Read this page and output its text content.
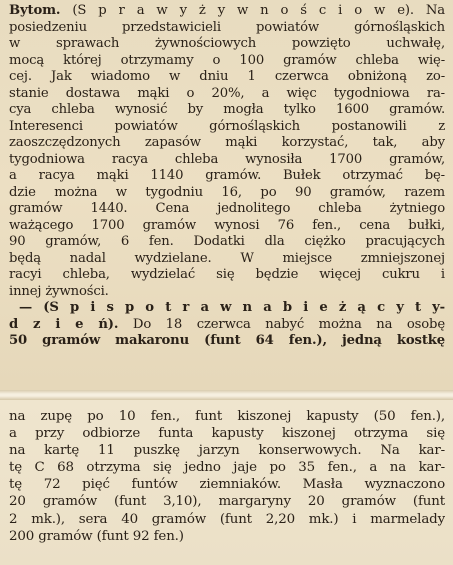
Bytom. (S p r a w y ż y w n o ś c i o w e). Na
posiedzeniu przedstawicieli powiatów górnośląskich
w sprawach żywnościowych powzięto uchwałę,
mocą której otrzymamy o 100 gramów chleba wię-
cej. Jak wiadomo w dniu 1 czerwca obniżoną zo-
stanie dostawa mąki o 20%, a więc tygodniowa ra-
cya chleba wynosić by mogła tylko 1600 gramów.
Interesenci powiatów górnośląskich postanowili z
zaoszczędzonych zapasów mąki korzystać, tak, aby
tygodniowa racya chleba wynosiła 1700 gramów,
a racya mąki 1140 gramów. Bułek otrzymać bę-
dzie można w tygodniu 16, po 90 gramów, razem
gramów 1440. Cena jednolitego chleba żytniego
ważącego 1700 gramów wynosi 76 fen., cena bułki,
90 gramów, 6 fen. Dodatki dla ciężko pracujących
będą nadal wydzielane. W miejsce zmniejszonej
racyi chleba, wydzielać się będzie więcej cukru i
innej żywności.
— (S p i s p o t r a w n a b i e ż ą c y t y-
d z i e ń). Do 18 czerwca nabyć można na osobę
50 gramów makaronu (funt 64 fen.), jedną kostkę
na zupę po 10 fen., funt kiszonej kapusty (50 fen.),
a przy odbiorze funta kapusty kiszonej otrzyma się
na kartę 11 puszkę jarzyn konserwowych. Na kar-
tę C 68 otrzyma się jedno jaje po 35 fen., a na kar-
tę 72 pięć funtów ziemniaków. Masła wyznaczono
20 gramów (funt 3,10), margaryny 20 gramów (funt
2 mk.), sera 40 gramów (funt 2,20 mk.) i marmelady
200 gramów (funt 92 fen.)
